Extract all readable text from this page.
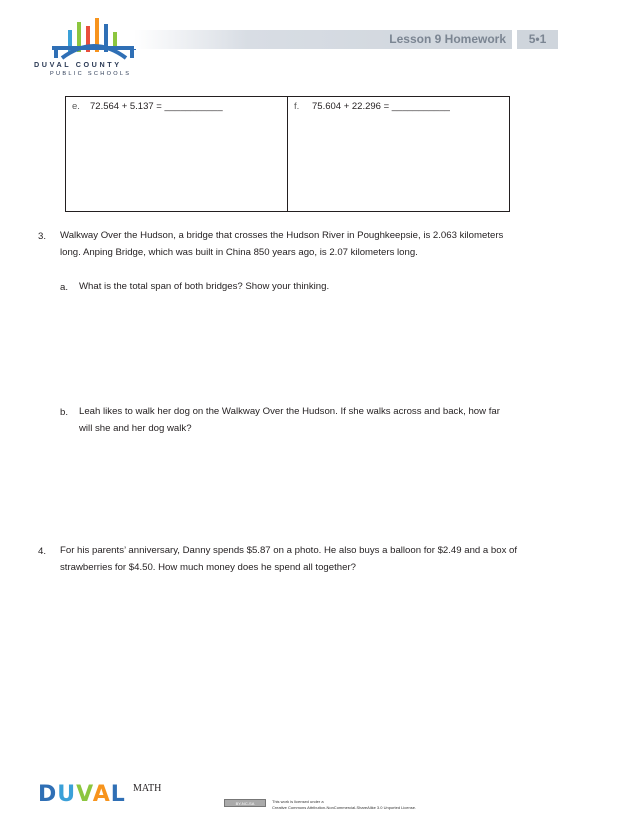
DUVAL COUNTY
PUBLIC SCHOOLS
Lesson 9 Homework	5•1
e. 72.564 + 5.137 = ___________	f. 75.604 + 22.296 = ___________
3. Walkway Over the Hudson, a bridge that crosses the Hudson River in Poughkeepsie, is 2.063 kilometers
long. Anping Bridge, which was built in China 850 years ago, is 2.07 kilometers long.
a. What is the total span of both bridges? Show your thinking.
b. Leah likes to walk her dog on the Walkway Over the Hudson. If she walks across and back, how far
will she and her dog walk?
4. For his parents’ anniversary, Danny spends $5.87 on a photo. He also buys a balloon for $2.49 and a box of
strawberries for $4.50. How much money does he spend all together?
DUVAL MATH
BY-NC-SA	This work is licensed under a
Creative Commons Attribution-NonCommercial-ShareAlike 3.0 Unported License.
